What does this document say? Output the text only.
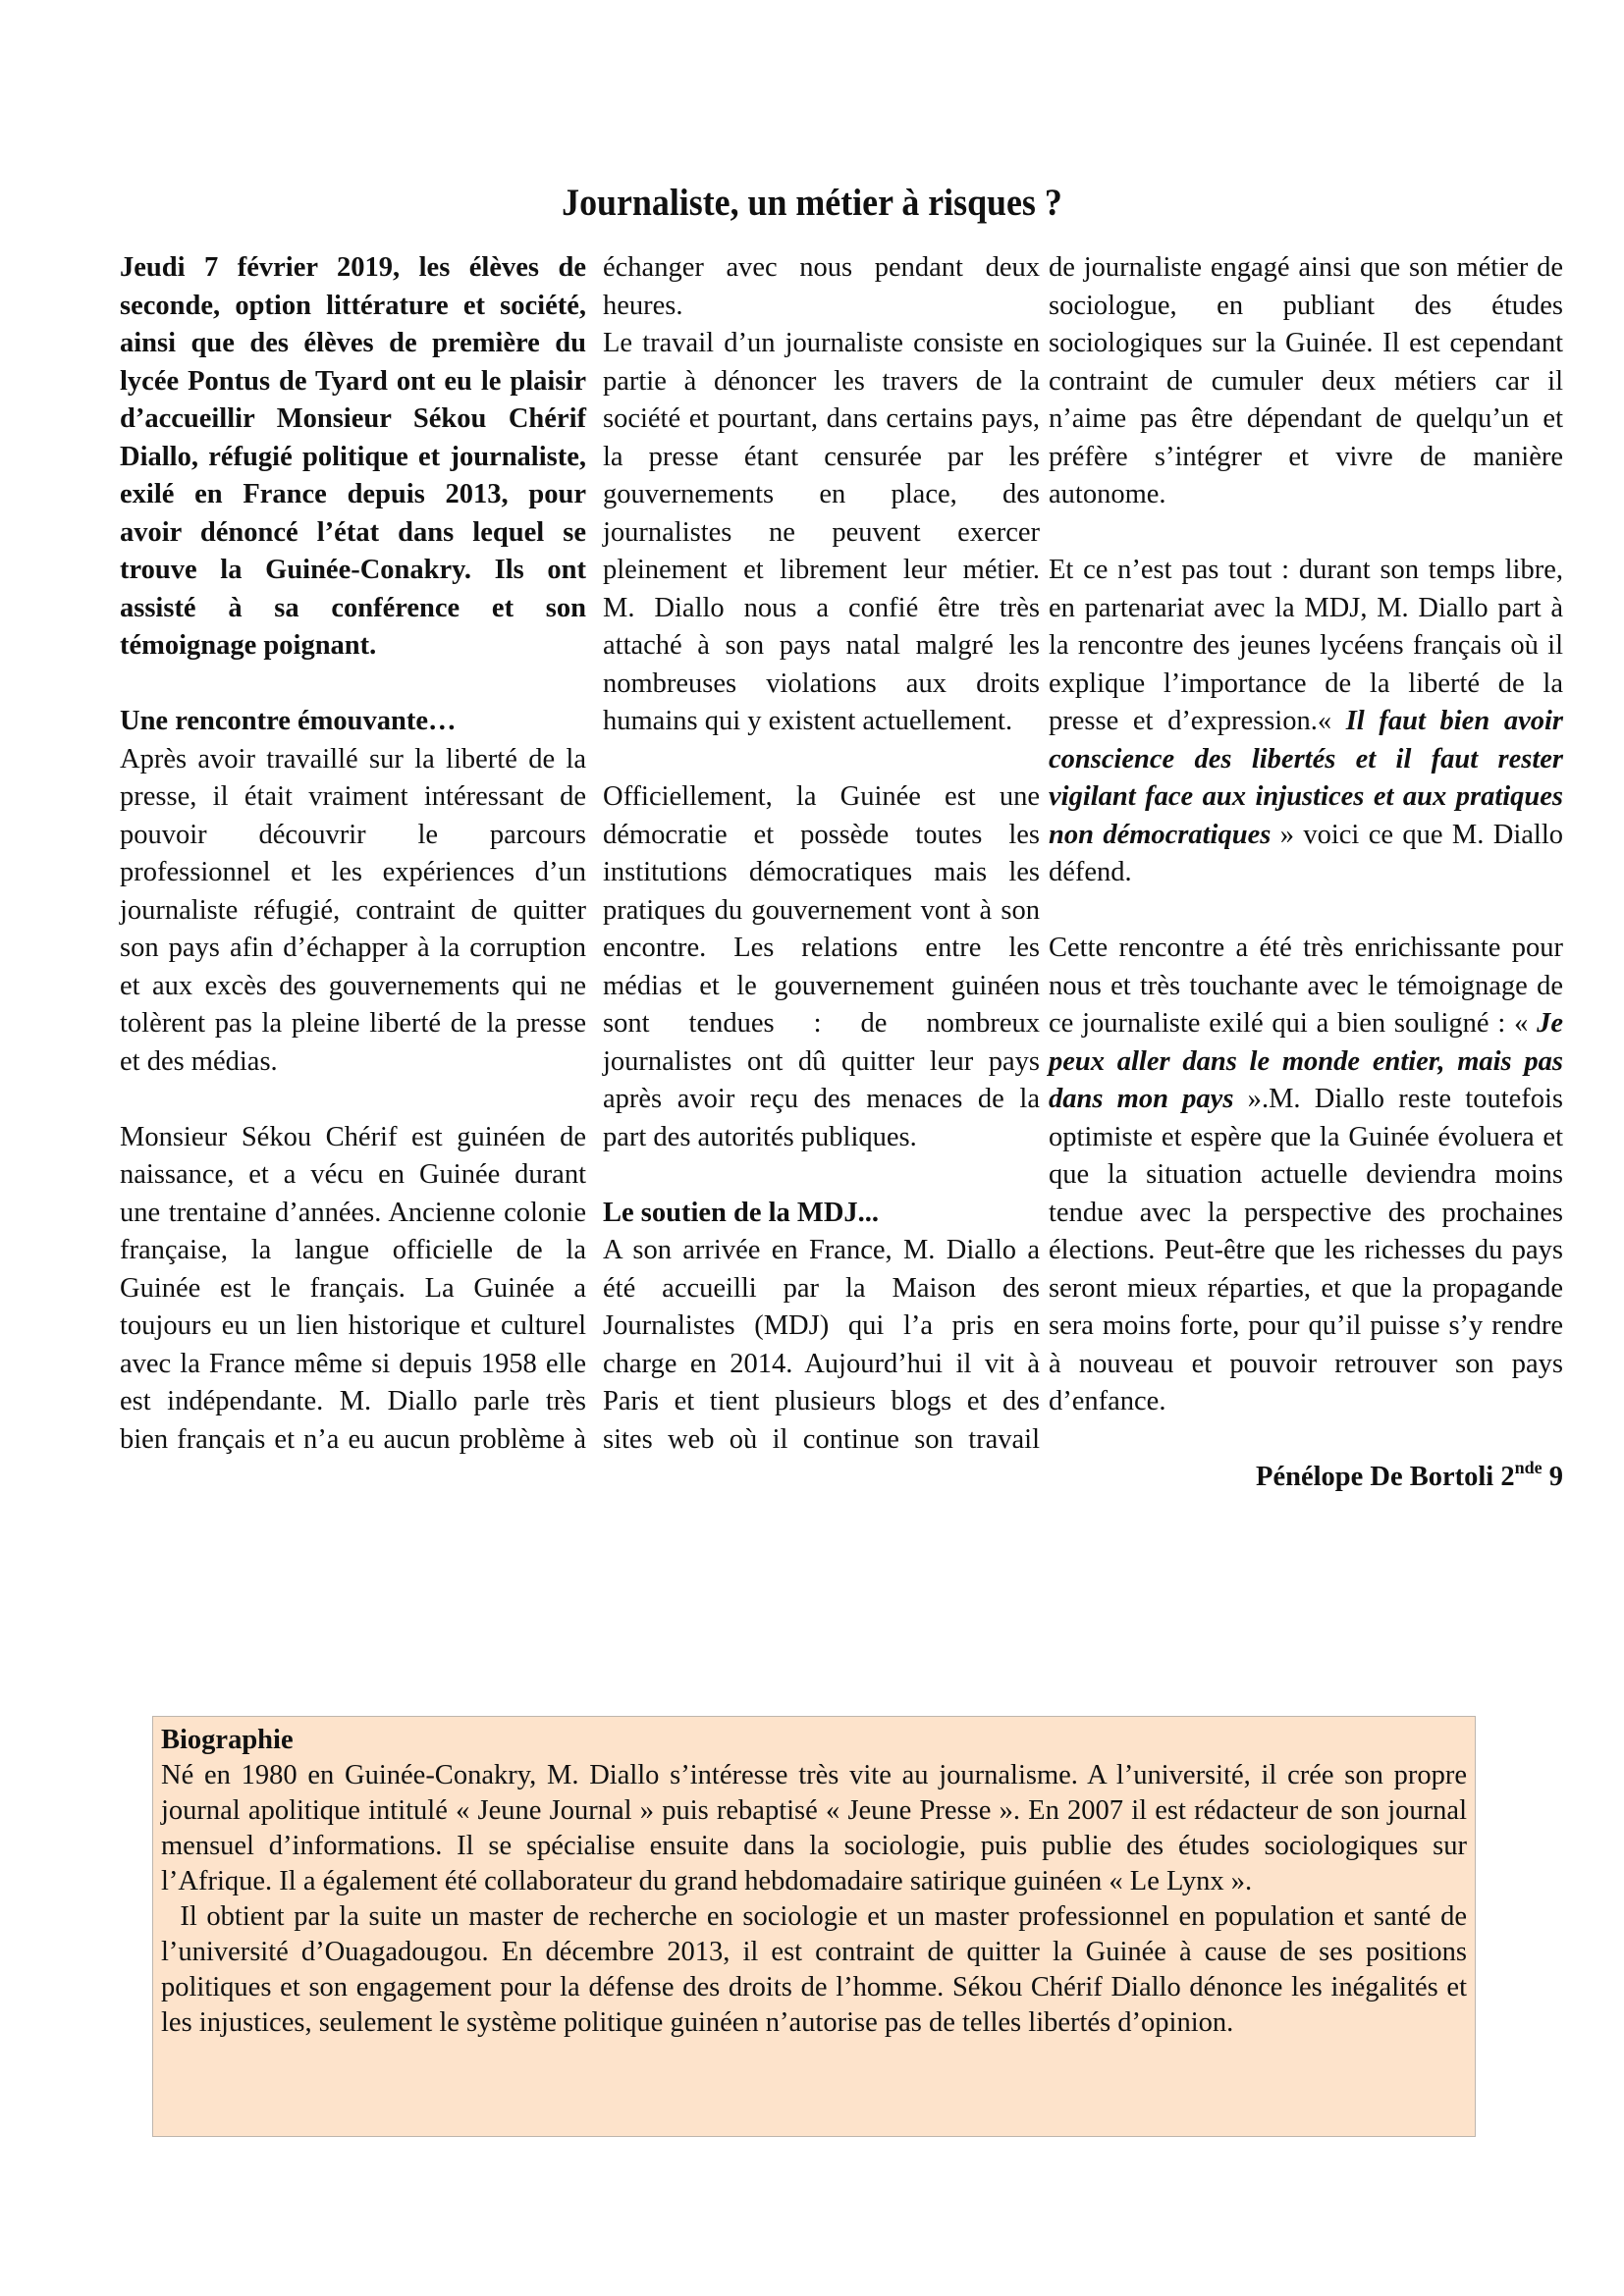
Journaliste, un métier à risques ?

Jeudi 7 février 2019, les élèves de seconde, option littérature et société, ainsi que des élèves de première du lycée Pontus de Tyard ont eu le plaisir d’accueillir Monsieur Sékou Chérif Diallo, réfugié politique et journaliste, exilé en France depuis 2013, pour avoir dénoncé l’état dans lequel se trouve la Guinée-Conakry. Ils ont assisté à sa conférence et son témoignage poignant.

Une rencontre émouvante…

Après avoir travaillé sur la liberté de la presse, il était vraiment intéressant de pouvoir découvrir le parcours professionnel et les expériences d’un journaliste réfugié, contraint de quitter son pays afin d’échapper à la corruption et aux excès des gouvernements qui ne tolèrent pas la pleine liberté de la presse et des médias.

Monsieur Sékou Chérif est guinéen de naissance, et a vécu en Guinée durant une trentaine d’années. Ancienne colonie française, la langue officielle de la Guinée est le français. La Guinée a toujours eu un lien historique et culturel avec la France même si depuis 1958 elle est indépendante. M. Diallo parle très bien français et n’a eu aucun problème à

échanger avec nous pendant deux heures.

Le travail d’un journaliste consiste en partie à dénoncer les travers de la société et pourtant, dans certains pays, la presse étant censurée par les gouvernements en place, des journalistes ne peuvent exercer pleinement et librement leur métier. M. Diallo nous a confié être très attaché à son pays natal malgré les nombreuses violations aux droits humains qui y existent actuellement.

Officiellement, la Guinée est une démocratie et possède toutes les institutions démocratiques mais les pratiques du gouvernement vont à son encontre. Les relations entre les médias et le gouvernement guinéen sont tendues : de nombreux journalistes ont dû quitter leur pays après avoir reçu des menaces de la part des autorités publiques.

Le soutien de la MDJ...

A son arrivée en France, M. Diallo a été accueilli par la Maison des Journalistes (MDJ) qui l’a pris en charge en 2014. Aujourd’hui il vit à Paris et tient plusieurs blogs et des sites web où il continue son travail

de journaliste engagé ainsi que son métier de sociologue, en publiant des études sociologiques sur la Guinée. Il est cependant contraint de cumuler deux métiers car il n’aime pas être dépendant de quelqu’un et préfère s’intégrer et vivre de manière autonome.

Et ce n’est pas tout : durant son temps libre, en partenariat avec la MDJ, M. Diallo part à la rencontre des jeunes lycéens français où il explique l’importance de la liberté de la presse et d’expression.« Il faut bien avoir conscience des libertés et il faut rester vigilant face aux injustices et aux pratiques non démocratiques » voici ce que M. Diallo défend.

Cette rencontre a été très enrichissante pour nous et très touchante avec le témoignage de ce journaliste exilé qui a bien souligné : « Je peux aller dans le monde entier, mais pas dans mon pays ».M. Diallo reste toutefois optimiste et espère que la Guinée évoluera et que la situation actuelle deviendra moins tendue avec la perspective des prochaines élections. Peut-être que les richesses du pays seront mieux réparties, et que la propagande sera moins forte, pour qu’il puisse s’y rendre à nouveau et pouvoir retrouver son pays d’enfance.

Pénélope De Bortoli 2nde 9

Biographie

Né en 1980 en Guinée-Conakry, M. Diallo s’intéresse très vite au journalisme. A l’université, il crée son propre journal apolitique intitulé « Jeune Journal » puis rebaptisé « Jeune Presse ». En 2007 il est rédacteur de son journal mensuel d’informations. Il se spécialise ensuite dans la sociologie, puis publie des études sociologiques sur l’Afrique. Il a également été collaborateur du grand hebdomadaire satirique guinéen « Le Lynx ».

Il obtient par la suite un master de recherche en sociologie et un master professionnel en population et santé de l’université d’Ouagadougou. En décembre 2013, il est contraint de quitter la Guinée à cause de ses positions politiques et son engagement pour la défense des droits de l’homme. Sékou Chérif Diallo dénonce les inégalités et les injustices, seulement le système politique guinéen n’autorise pas de telles libertés d’opinion.
